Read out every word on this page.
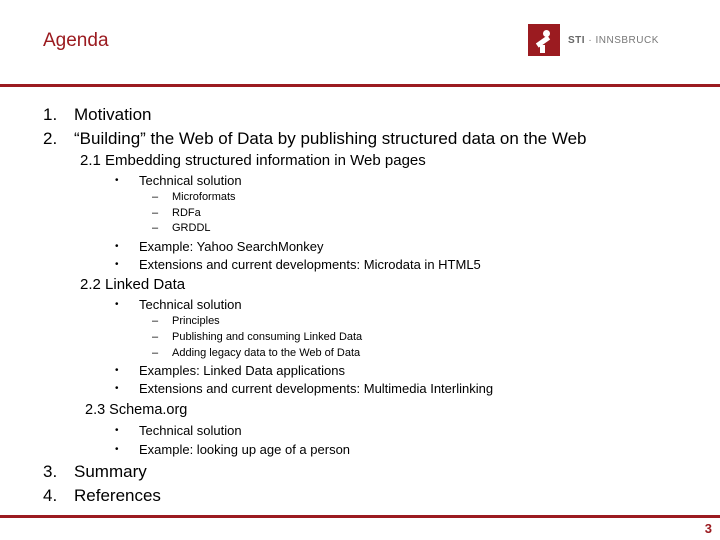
Agenda	STI · INNSBRUCK
1. Motivation
2. “Building” the Web of Data by publishing structured data on the Web
2.1 Embedding structured information in Web pages
• Technical solution
– Microformats
– RDFa
– GRDDL
• Example: Yahoo SearchMonkey
• Extensions and current developments: Microdata in HTML5
2.2 Linked Data
• Technical solution
– Principles
– Publishing and consuming Linked Data
– Adding legacy data to the Web of Data
• Examples: Linked Data applications
• Extensions and current developments: Multimedia Interlinking
2.3 Schema.org
• Technical solution
• Example: looking up age of a person
3. Summary
4. References
3
